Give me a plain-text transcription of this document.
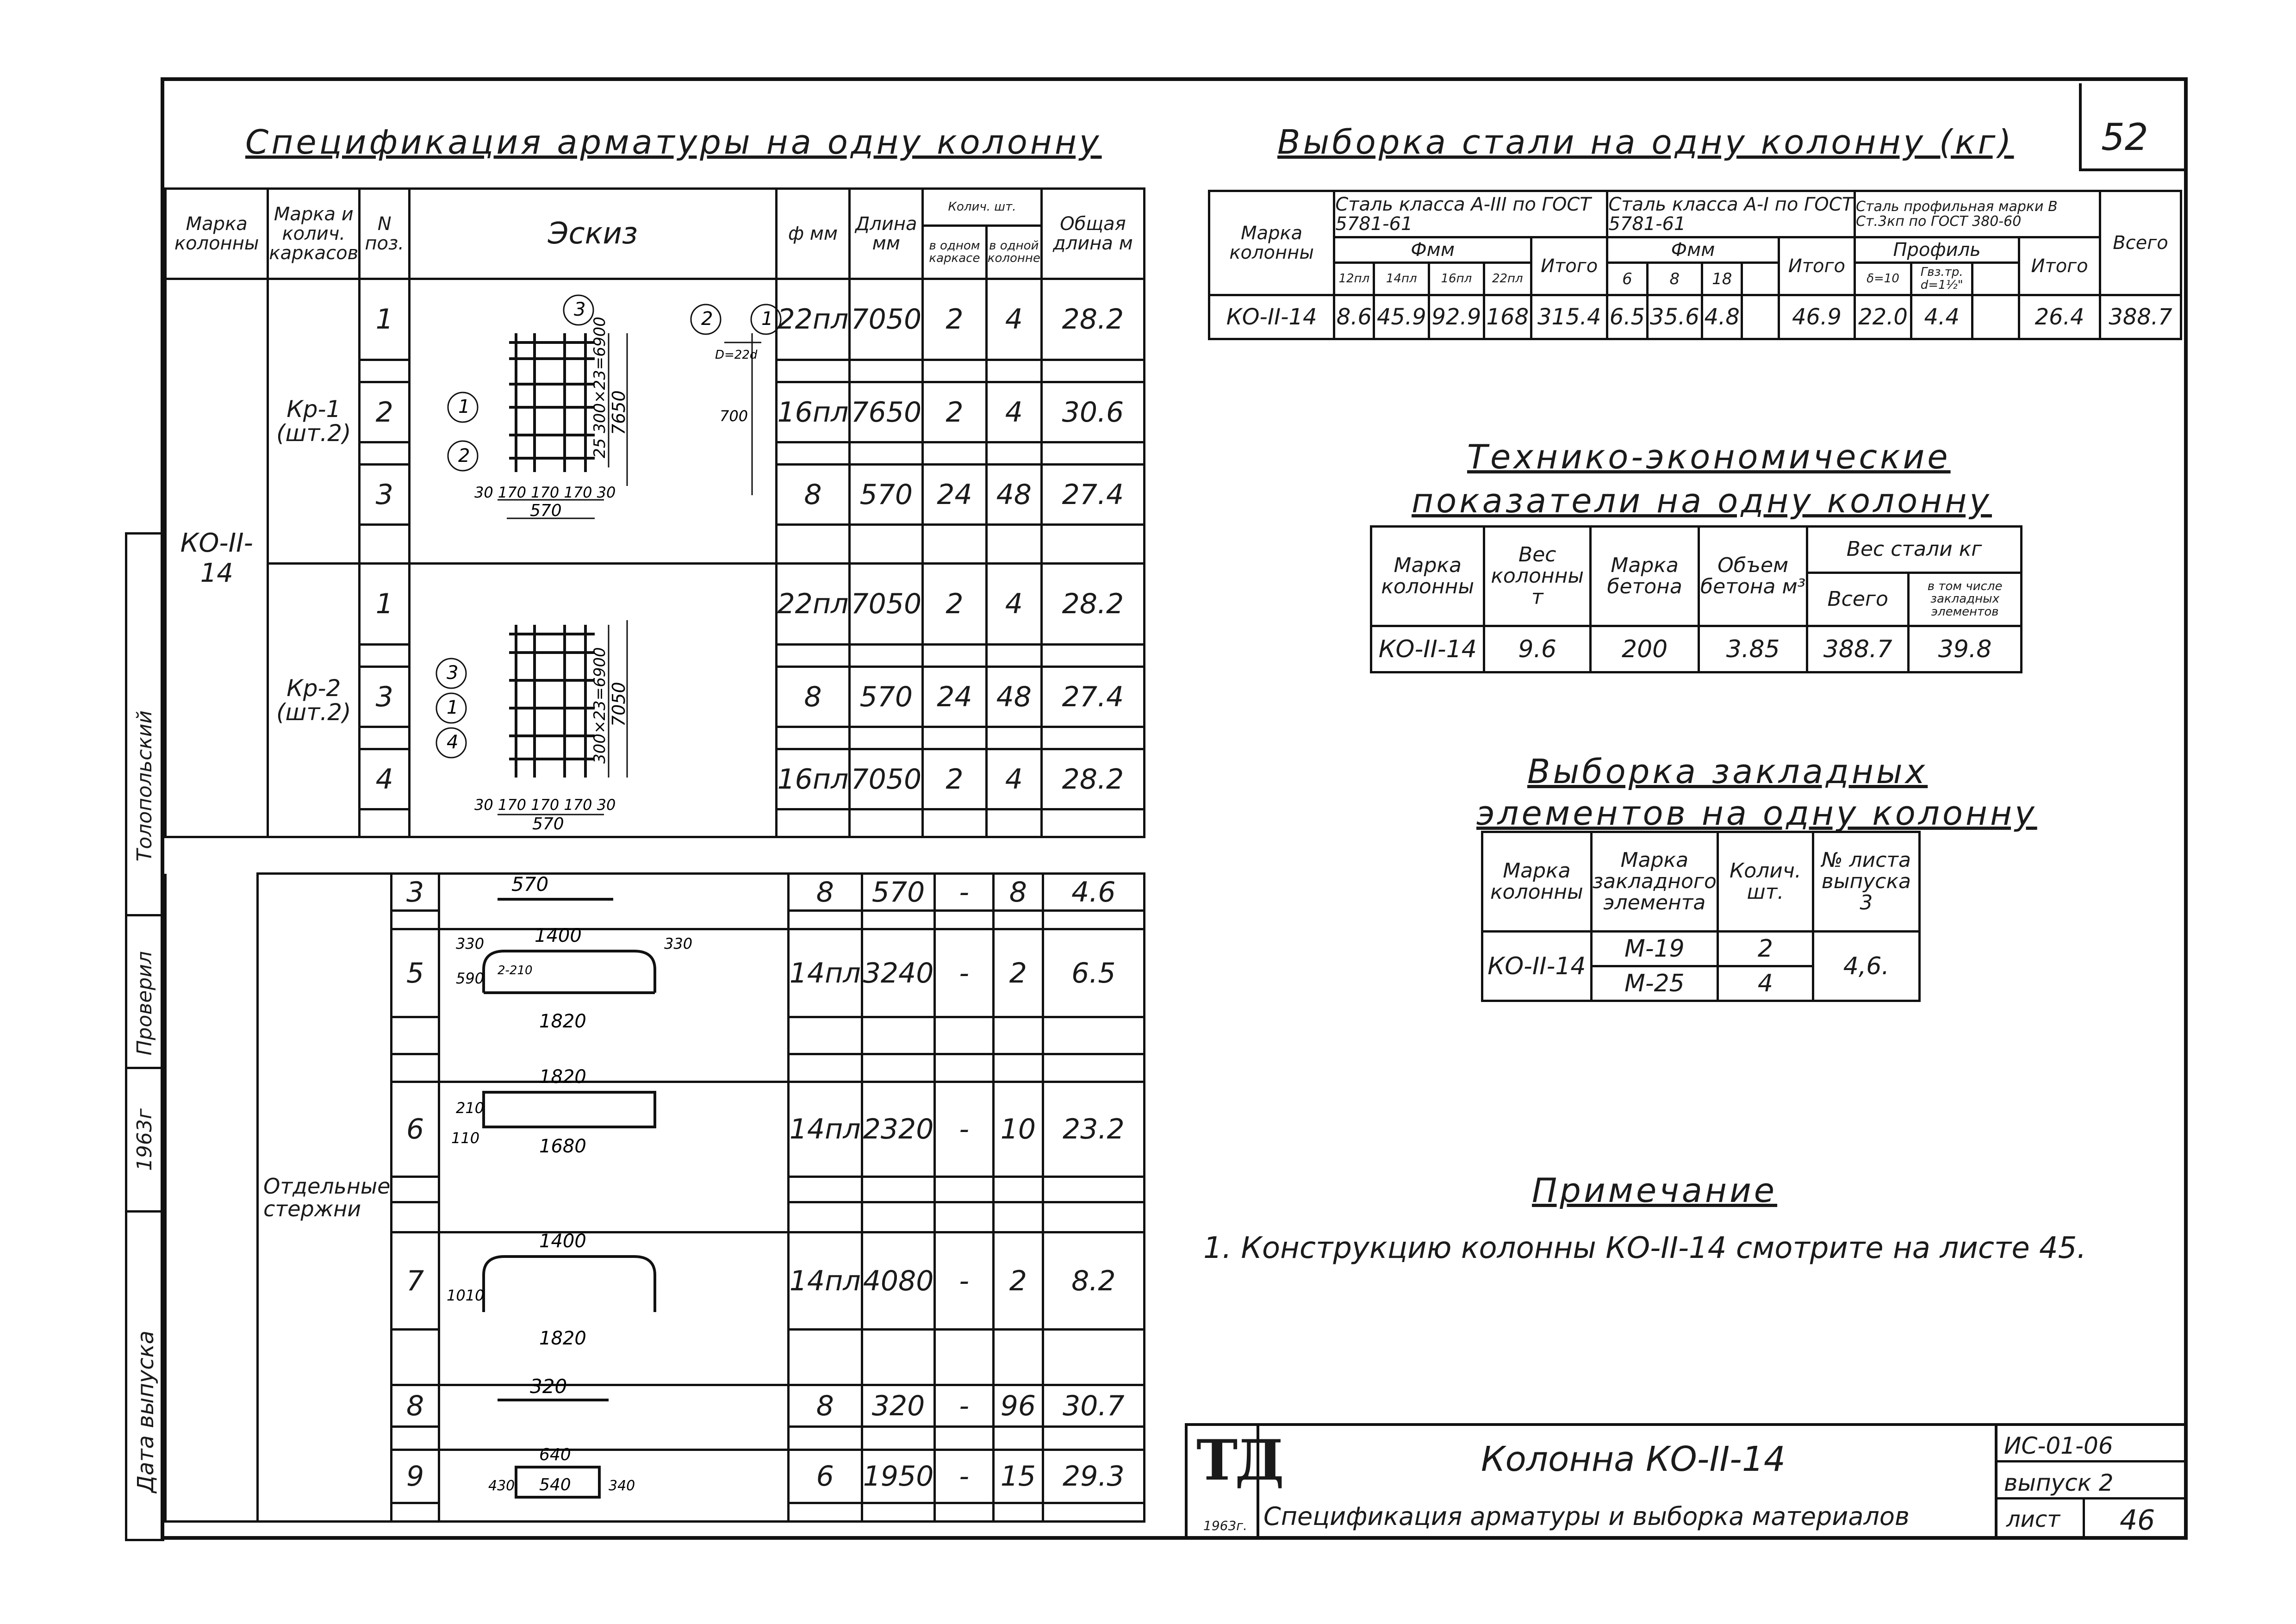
52
Толопольский
Проверил
1963г
Дата выпуска
Спецификация арматуры на одну колонну
Марка колонны	Марка и колич. каркасов	N поз.	Эскиз	ф мм	Длина мм	Колич. шт.		Общая длина м
						в одном каркасе	в одной колонне	
КО-II-14	Кр-1 (шт.2)	1		22пл	7050	2	4	28.2

		2		16пл	7650	2	4	30.6

		3		8	570	24	48	27.4

	Кр-2 (шт.2)	1		22пл	7050	2	4	28.2

		3		8	570	24	48	27.4

		4		16пл	7050	2	4	28.2

	Отдельные стержни	3		8	570	-	8	4.6

		5		14пл	3240	-	2	6.5

		6		14пл	2320	-	10	23.2

		7		14пл	4080	-	2	8.2

		8		8	320	-	96	30.7

		9		6	1950	-	15	29.3

3
1
2
2	1
25 300×23=6900 7650
30 170 170 170 30
570
700
D=22d
3
1
4	300×23=6900 7050
30 170 170 170 30
570
570
1400
330	330
590 2-210
1820
1820
210
110	1680
1400
1010
1820
320
640
540
430	340
Выборка стали на одну колонну (кг)
Марка колонны	Сталь класса А-III по ГОСТ 5781-61					Сталь класса А-I по ГОСТ 5781-61					Сталь профильная марки В Ст.3кп по ГОСТ 380-60				Всего
	Фмм				Итого	Фмм				Итого	Профиль			Итого	
	12пл	14пл	16пл	22пл		6	8	18			δ=10	Гвз.тр. d=1½"			
КО-II-14	8.6	45.9	92.9	168	315.4	6.5	35.6	4.8		46.9	22.0	4.4		26.4	388.7
Технико-экономические
показатели на одну колонну
Марка колонны	Вес колонны т	Марка бетона	Объем бетона м³	Вес стали кг	
				Всего	в том числе закладных элементов
КО-II-14	9.6	200	3.85	388.7	39.8
Выборка закладных
элементов на одну колонну
Марка колонны	Марка закладного элемента	Колич. шт.	№ листа выпуска 3
КО-II-14	М-19	2	4,6.
	М-25	4	
Примечание
1. Конструкцию колонны КО-II-14 смотрите на листе 45.
ТД
1963г.
Колонна КО-II-14
Спецификация арматуры и выборка материалов
ИС-01-06
выпуск 2
лист 46
